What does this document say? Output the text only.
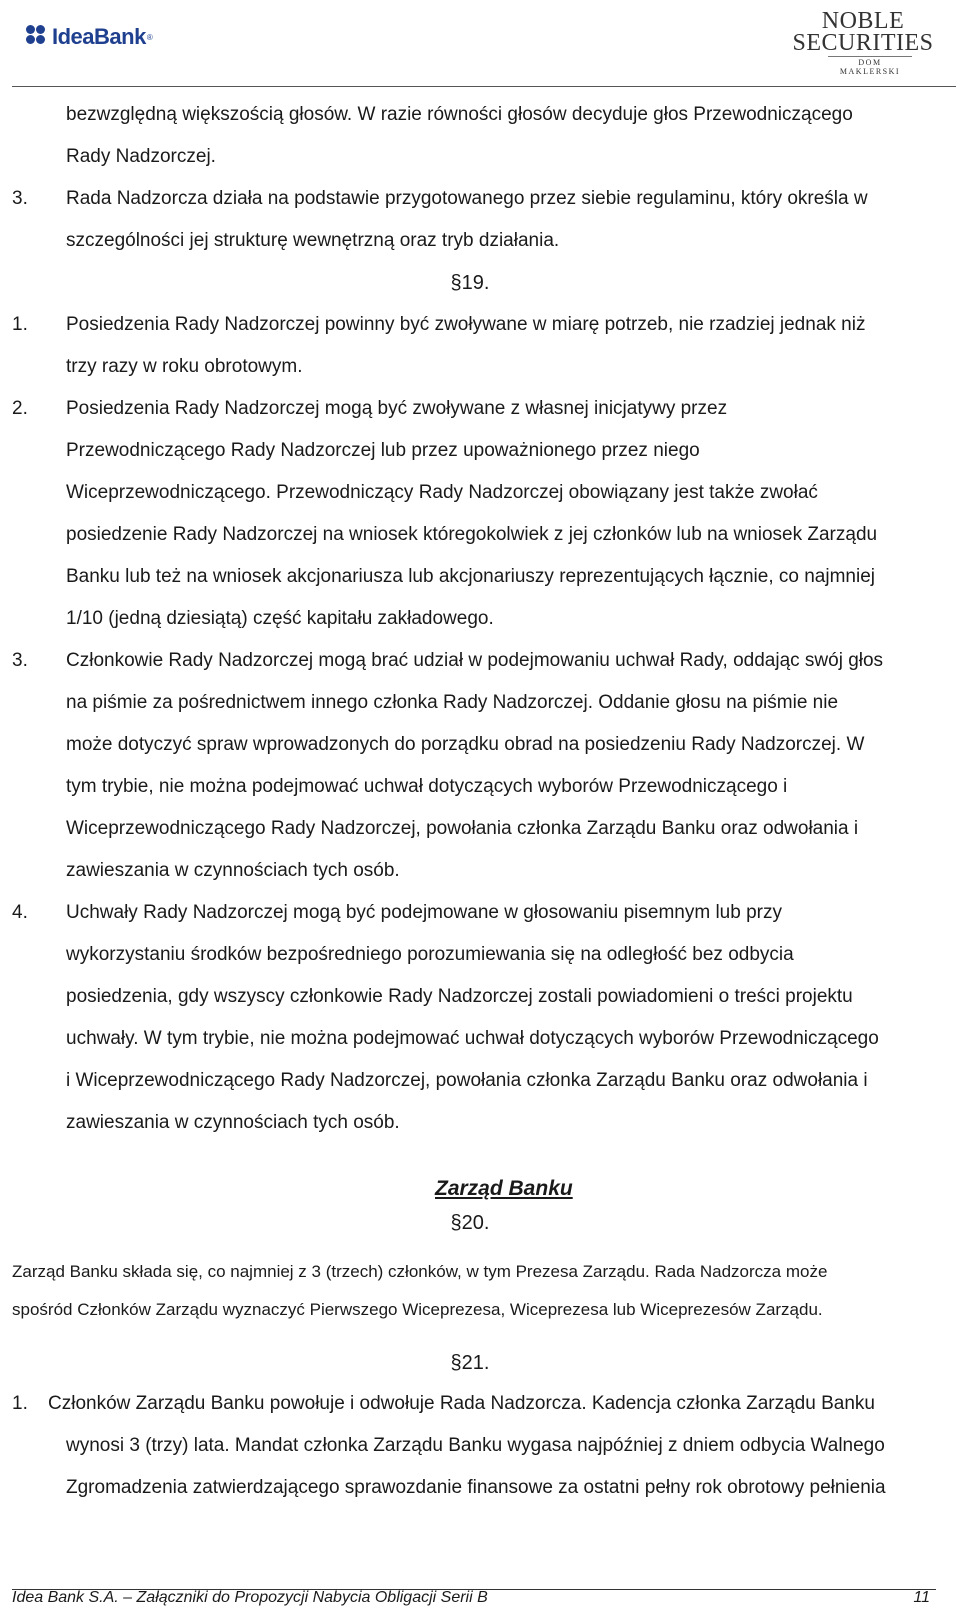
IdeaBank ®
NOBLE
SECURITIES
DOM MAKLERSKI
bezwzględną większością głosów. W razie równości głosów decyduje głos Przewodniczącego
Rady Nadzorczej.
3. Rada Nadzorcza działa na podstawie przygotowanego przez siebie regulaminu, który określa w
szczególności jej strukturę wewnętrzną oraz tryb działania.
§19.
1. Posiedzenia Rady Nadzorczej powinny być zwoływane w miarę potrzeb, nie rzadziej jednak niż
trzy razy w roku obrotowym.
2. Posiedzenia Rady Nadzorczej mogą być zwoływane z własnej inicjatywy przez
Przewodniczącego Rady Nadzorczej lub przez upoważnionego przez niego
Wiceprzewodniczącego. Przewodniczący Rady Nadzorczej obowiązany jest także zwołać
posiedzenie Rady Nadzorczej na wniosek któregokolwiek z jej członków lub na wniosek Zarządu
Banku lub też na wniosek akcjonariusza lub akcjonariuszy reprezentujących łącznie, co najmniej
1/10 (jedną dziesiątą) część kapitału zakładowego.
3. Członkowie Rady Nadzorczej mogą brać udział w podejmowaniu uchwał Rady, oddając swój głos
na piśmie za pośrednictwem innego członka Rady Nadzorczej. Oddanie głosu na piśmie nie
może dotyczyć spraw wprowadzonych do porządku obrad na posiedzeniu Rady Nadzorczej. W
tym trybie, nie można podejmować uchwał dotyczących wyborów Przewodniczącego i
Wiceprzewodniczącego Rady Nadzorczej, powołania członka Zarządu Banku oraz odwołania i
zawieszania w czynnościach tych osób.
4. Uchwały Rady Nadzorczej mogą być podejmowane w głosowaniu pisemnym lub przy
wykorzystaniu środków bezpośredniego porozumiewania się na odległość bez odbycia
posiedzenia, gdy wszyscy członkowie Rady Nadzorczej zostali powiadomieni o treści projektu
uchwały. W tym trybie, nie można podejmować uchwał dotyczących wyborów Przewodniczącego
i Wiceprzewodniczącego Rady Nadzorczej, powołania członka Zarządu Banku oraz odwołania i
zawieszania w czynnościach tych osób.
Zarząd Banku
§20.
Zarząd Banku składa się, co najmniej z 3 (trzech) członków, w tym Prezesa Zarządu. Rada Nadzorcza może
spośród Członków Zarządu wyznaczyć Pierwszego Wiceprezesa, Wiceprezesa lub Wiceprezesów Zarządu.
§21.
1. Członków Zarządu Banku powołuje i odwołuje Rada Nadzorcza. Kadencja członka Zarządu Banku
wynosi 3 (trzy) lata. Mandat członka Zarządu Banku wygasa najpóźniej z dniem odbycia Walnego
Zgromadzenia zatwierdzającego sprawozdanie finansowe za ostatni pełny rok obrotowy pełnienia
Idea Bank S.A. – Załączniki do Propozycji Nabycia Obligacji Serii B	11
